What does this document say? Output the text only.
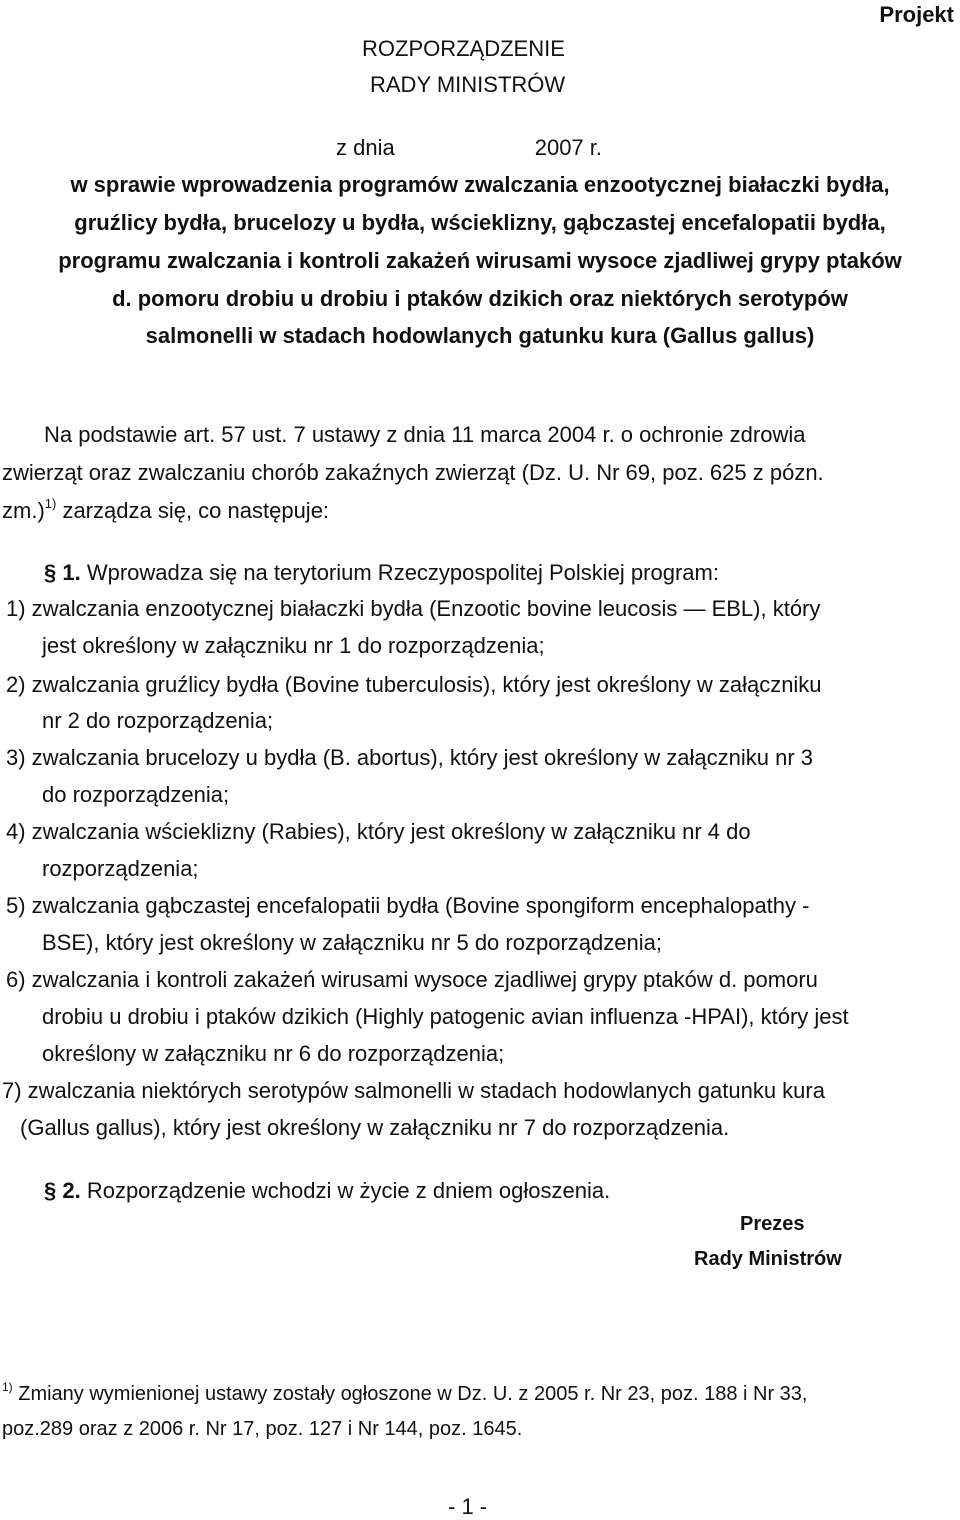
Projekt
ROZPORZĄDZENIE
RADY MINISTRÓW
z dnia	2007 r.
w sprawie wprowadzenia programów zwalczania enzootycznej białaczki bydła,
gruźlicy bydła, brucelozy u bydła, wścieklizny, gąbczastej encefalopatii bydła,
programu zwalczania i kontroli zakażeń wirusami wysoce zjadliwej grypy ptaków
d. pomoru drobiu u drobiu i ptaków dzikich oraz niektórych serotypów
salmonelli w stadach hodowlanych gatunku kura (Gallus gallus)
Na podstawie art. 57 ust. 7 ustawy z dnia 11 marca 2004 r. o ochronie zdrowia
zwierząt oraz zwalczaniu chorób zakaźnych zwierząt (Dz. U. Nr 69, poz. 625 z pózn.
zm.)$^{1)}$ zarządza się, co następuje:
§ 1. Wprowadza się na terytorium Rzeczypospolitej Polskiej program:
1) zwalczania enzootycznej białaczki bydła (Enzootic bovine leucosis — EBL), który
jest określony w załączniku nr 1 do rozporządzenia;
2) zwalczania gruźlicy bydła (Bovine tuberculosis), który jest określony w załączniku
nr 2 do rozporządzenia;
3) zwalczania brucelozy u bydła (B. abortus), który jest określony w załączniku nr 3
do rozporządzenia;
4) zwalczania wścieklizny (Rabies), który jest określony w załączniku nr 4 do
rozporządzenia;
5) zwalczania gąbczastej encefalopatii bydła (Bovine spongiform encephalopathy -
BSE), który jest określony w załączniku nr 5 do rozporządzenia;
6) zwalczania i kontroli zakażeń wirusami wysoce zjadliwej grypy ptaków d. pomoru
drobiu u drobiu i ptaków dzikich (Highly patogenic avian influenza -HPAI), który jest
określony w załączniku nr 6 do rozporządzenia;
7) zwalczania niektórych serotypów salmonelli w stadach hodowlanych gatunku kura
(Gallus gallus), który jest określony w załączniku nr 7 do rozporządzenia.
§ 2. Rozporządzenie wchodzi w życie z dniem ogłoszenia.
Prezes
Rady Ministrów
$^{1)}$ Zmiany wymienionej ustawy zostały ogłoszone w Dz. U. z 2005 r. Nr 23, poz. 188 i Nr 33,
poz.289 oraz z 2006 r. Nr 17, poz. 127 i Nr 144, poz. 1645.
- 1 -
